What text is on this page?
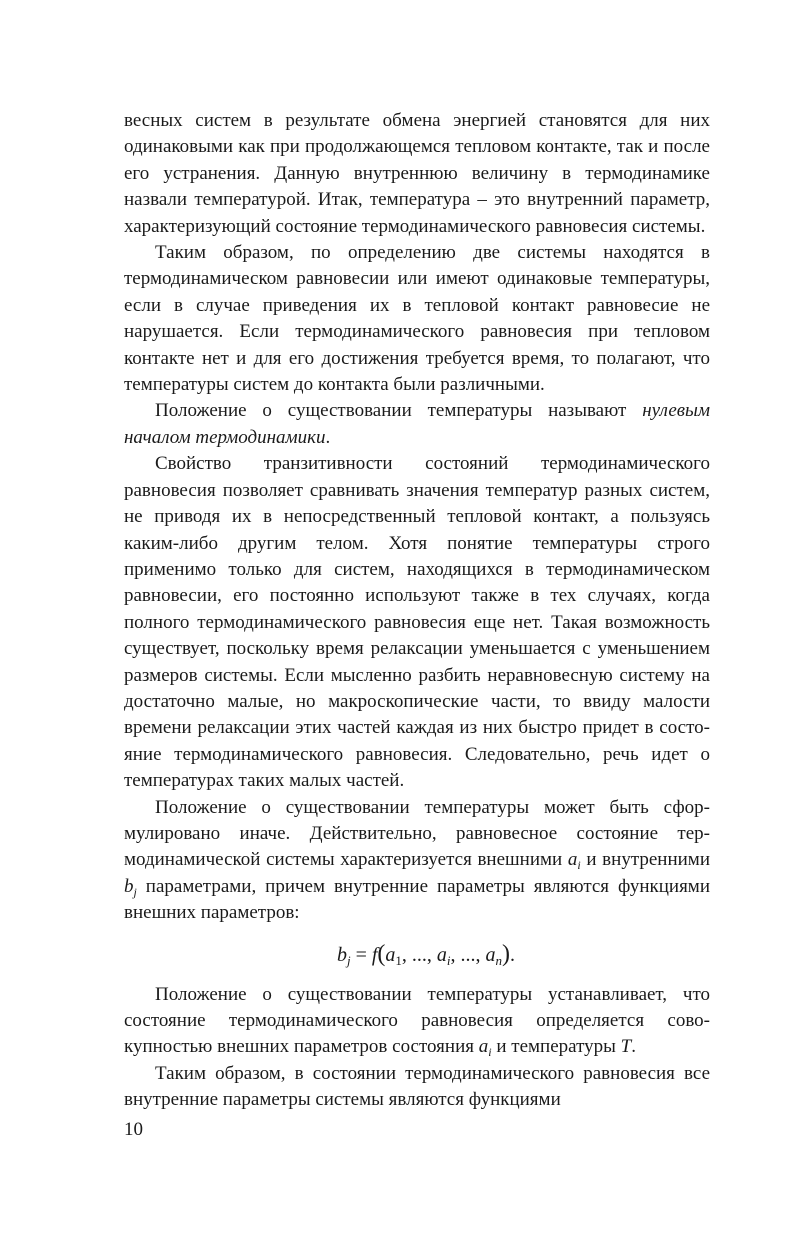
весных систем в результате обмена энергией становятся для них одинаковыми как при продолжающемся тепловом контакте, так и после его устранения. Данную внутреннюю величину в термодинамике назвали температурой. Итак, температура – это внутренний параметр, характеризующий состояние термодинамического равновесия системы.

Таким образом, по определению две системы находятся в термодинамическом равновесии или имеют одинаковые температуры, если в случае приведения их в тепловой контакт равновесие не нарушается. Если термодинамического равновесия при тепловом контакте нет и для его достижения требуется время, то полагают, что температуры систем до контакта были различными.

Положение о существовании температуры называют нулевым началом термодинамики.

Свойство транзитивности состояний термодинамического равновесия позволяет сравнивать значения температур разных систем, не приводя их в непосредственный тепловой контакт, а пользуясь каким-либо другим телом. Хотя понятие температуры строго применимо только для систем, находящихся в термодинамическом равновесии, его постоянно используют также в тех случаях, когда полного термодинамического равновесия еще нет. Такая возможность существует, поскольку время релаксации уменьшается с уменьшением размеров системы. Если мысленно разбить неравновесную систему на достаточно малые, но макроскопические части, то ввиду малости времени релаксации этих частей каждая из них быстро придет в состояние термодинамического равновесия. Следовательно, речь идет о температурах таких малых частей.

Положение о существовании температуры может быть сформулировано иначе. Действительно, равновесное состояние термодинамической системы характеризуется внешними $a_i$ и внутренними $b_j$ параметрами, причем внутренние параметры являются функциями внешних параметров:

$b_j = f(a_1$, ..., $a_i$, ..., $a_n$).

Положение о существовании температуры устанавливает, что состояние термодинамического равновесия определяется совокупностью внешних параметров состояния $a_i$ и температуры T.

Таким образом, в состоянии термодинамического равновесия все внутренние параметры системы являются функциями

10
